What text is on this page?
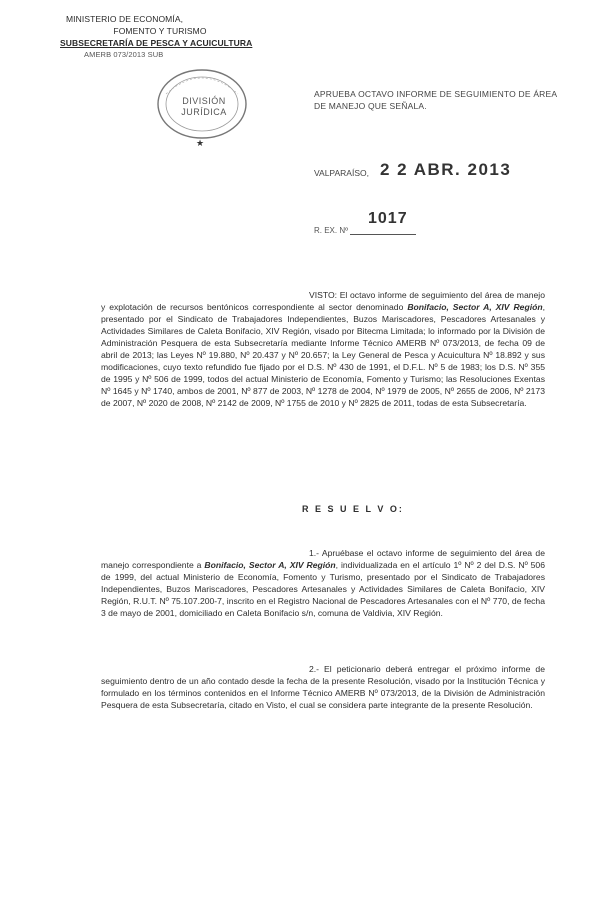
MINISTERIO DE ECONOMÍA,
FOMENTO Y TURISMO
SUBSECRETARÍA DE PESCA Y ACUICULTURA
AMERB 073/2013 SUB
DIVISIÓN
JURÍDICA
★
APRUEBA OCTAVO INFORME DE SEGUIMIENTO DE ÁREA DE MANEJO QUE SEÑALA.
VALPARAÍSO, 2 2 ABR. 2013
1017
R. EX. Nº
VISTO: El octavo informe de seguimiento del área de manejo y explotación de recursos bentónicos correspondiente al sector denominado Bonifacio, Sector A, XIV Región, presentado por el Sindicato de Trabajadores Independientes, Buzos Mariscadores, Pescadores Artesanales y Actividades Similares de Caleta Bonifacio, XIV Región, visado por Bitecma Limitada; lo informado por la División de Administración Pesquera de esta Subsecretaría mediante Informe Técnico AMERB Nº 073/2013, de fecha 09 de abril de 2013; las Leyes Nº 19.880, Nº 20.437 y Nº 20.657; la Ley General de Pesca y Acuicultura Nº 18.892 y sus modificaciones, cuyo texto refundido fue fijado por el D.S. Nº 430 de 1991, el D.F.L. Nº 5 de 1983; los D.S. Nº 355 de 1995 y Nº 506 de 1999, todos del actual Ministerio de Economía, Fomento y Turismo; las Resoluciones Exentas Nº 1645 y Nº 1740, ambos de 2001, Nº 877 de 2003, Nº 1278 de 2004, Nº 1979 de 2005, Nº 2655 de 2006, Nº 2173 de 2007, Nº 2020 de 2008, Nº 2142 de 2009, Nº 1755 de 2010 y Nº 2825 de 2011, todas de esta Subsecretaría.
R E S U E L V O:
1.- Apruébase el octavo informe de seguimiento del área de manejo correspondiente a Bonifacio, Sector A, XIV Región, individualizada en el artículo 1º Nº 2 del D.S. Nº 506 de 1999, del actual Ministerio de Economía, Fomento y Turismo, presentado por el Sindicato de Trabajadores Independientes, Buzos Mariscadores, Pescadores Artesanales y Actividades Similares de Caleta Bonifacio, XIV Región, R.U.T. Nº 75.107.200-7, inscrito en el Registro Nacional de Pescadores Artesanales con el Nº 770, de fecha 3 de mayo de 2001, domiciliado en Caleta Bonifacio s/n, comuna de Valdivia, XIV Región.
2.- El peticionario deberá entregar el próximo informe de seguimiento dentro de un año contado desde la fecha de la presente Resolución, visado por la Institución Técnica y formulado en los términos contenidos en el Informe Técnico AMERB Nº 073/2013, de la División de Administración Pesquera de esta Subsecretaría, citado en Visto, el cual se considera parte integrante de la presente Resolución.
